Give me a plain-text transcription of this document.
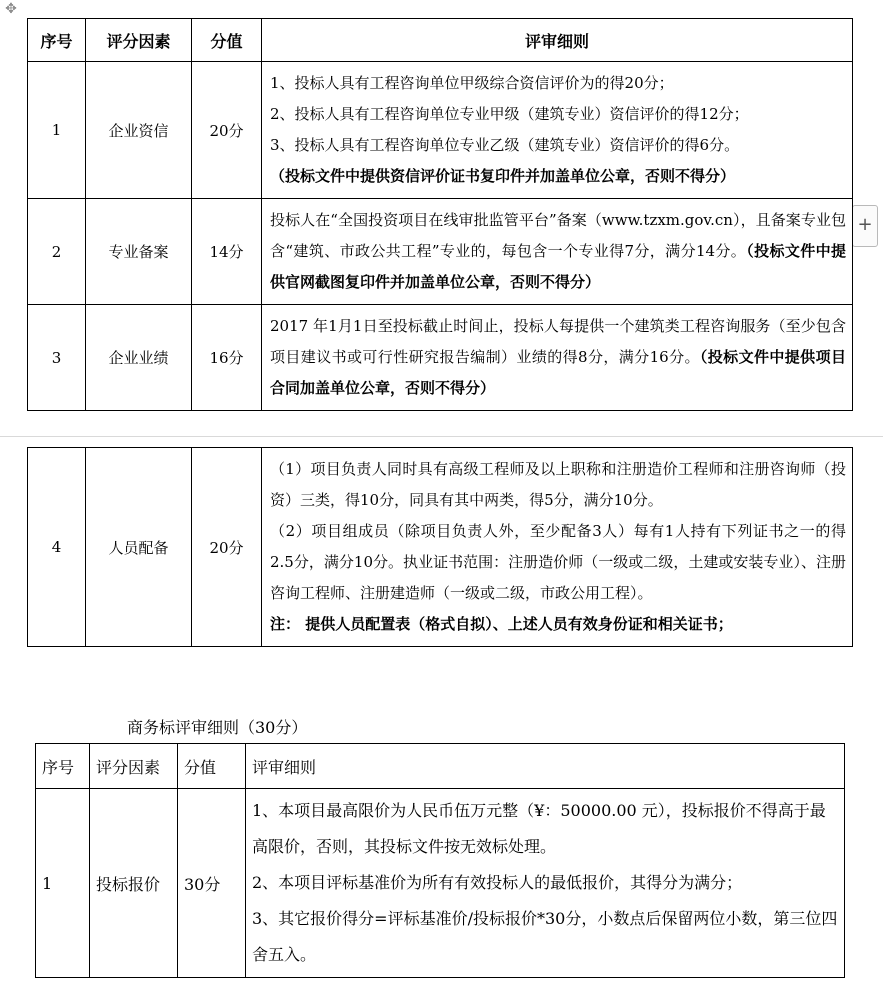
✥
+
序号	评分因素	分值	评审细则
1	企业资信	20分	1、投标人具有工程咨询单位甲级综合资信评价为的得20分；

2、投标人具有工程咨询单位专业甲级（建筑专业）资信评价的得12分；

3、投标人具有工程咨询单位专业乙级（建筑专业）资信评价的得6分。

（投标文件中提供资信评价证书复印件并加盖单位公章，否则不得分）

2	专业备案	14分	投标人在“全国投资项目在线审批监管平台”备案（www.tzxm.gov.cn），且备案专业包含“建筑、市政公共工程”专业的，每包含一个专业得7分，满分14分。（投标文件中提供官网截图复印件并加盖单位公章，否则不得分）
3	企业业绩	16分	2017 年1月1日至投标截止时间止，投标人每提供一个建筑类工程咨询服务（至少包含项目建议书或可行性研究报告编制）业绩的得8分，满分16分。（投标文件中提供项目合同加盖单位公章，否则不得分）
4	人员配备	20分	

（1）项目负责人同时具有高级工程师及以上职称和注册造价工程师和注册咨询师（投资）三类，得10分，同具有其中两类，得5分，满分10分。

（2）项目组成员（除项目负责人外，至少配备3人）每有1人持有下列证书之一的得2.5分，满分10分。执业证书范围：注册造价师（一级或二级，土建或安装专业）、注册咨询工程师、注册建造师（一级或二级，市政公用工程）。

注： 提供人员配置表（格式自拟）、上述人员有效身份证和相关证书；

商务标评审细则（30分）
序号	评分因素	分值	评审细则
1	投标报价	30分	1、本项目最高限价为人民币伍万元整（¥：50000.00 元），投标报价不得高于最高限价，否则，其投标文件按无效标处理。

2、本项目评标基准价为所有有效投标人的最低报价，其得分为满分；

3、其它报价得分=评标基准价/投标报价*30分，小数点后保留两位小数，第三位四舍五入。
